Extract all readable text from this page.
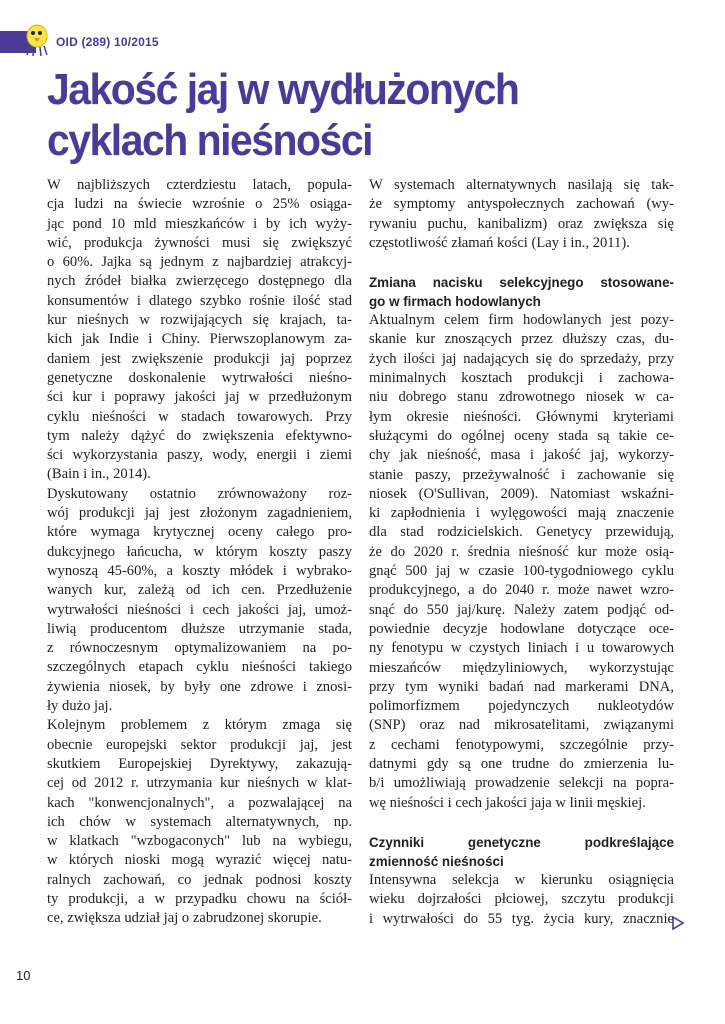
OID (289) 10/2015
Jakość jaj w wydłużonych
cyklach nieśności
W najbliższych czterdziestu latach, popula-
cja ludzi na świecie wzrośnie o 25% osiąga-
jąc pond 10 mld mieszkańców i by ich wyży-
wić, produkcja żywności musi się zwiększyć
o 60%. Jajka są jednym z najbardziej atrakcyj-
nych źródeł białka zwierzęcego dostępnego dla
konsumentów i dlatego szybko rośnie ilość stad
kur nieśnych w rozwijających się krajach, ta-
kich jak Indie i Chiny. Pierwszoplanowym za-
daniem jest zwiększenie produkcji jaj poprzez
genetyczne doskonalenie wytrwałości nieśno-
ści kur i poprawy jakości jaj w przedłużonym
cyklu nieśności w stadach towarowych. Przy
tym należy dążyć do zwiększenia efektywno-
ści wykorzystania paszy, wody, energii i ziemi
(Bain i in., 2014).
Dyskutowany ostatnio zrównoważony roz-
wój produkcji jaj jest złożonym zagadnieniem,
które wymaga krytycznej oceny całego pro-
dukcyjnego łańcucha, w którym koszty paszy
wynoszą 45-60%, a koszty młódek i wybrako-
wanych kur, zależą od ich cen. Przedłużenie
wytrwałości nieśności i cech jakości jaj, umoż-
liwią producentom dłuższe utrzymanie stada,
z równoczesnym optymalizowaniem na po-
szczególnych etapach cyklu nieśności takiego
żywienia niosek, by były one zdrowe i znosi-
ły dużo jaj.
Kolejnym problemem z którym zmaga się
obecnie europejski sektor produkcji jaj, jest
skutkiem Europejskiej Dyrektywy, zakazują-
cej od 2012 r. utrzymania kur nieśnych w klat-
kach "konwencjonalnych", a pozwalającej na
ich chów w systemach alternatywnych, np.
w klatkach "wzbogaconych" lub na wybiegu,
w których nioski mogą wyrazić więcej natu-
ralnych zachowań, co jednak podnosi koszty
ty produkcji, a w przypadku chowu na ściół-
ce, zwiększa udział jaj o zabrudzonej skorupie.
W systemach alternatywnych nasilają się tak-
że symptomy antyspołecznych zachowań (wy-
rywaniu puchu, kanibalizm) oraz zwiększa się
częstotliwość złamań kości (Lay i in., 2011).
Zmiana nacisku selekcyjnego stosowane-
go w firmach hodowlanych
Aktualnym celem firm hodowlanych jest pozy-
skanie kur znoszących przez dłuższy czas, du-
żych ilości jaj nadających się do sprzedaży, przy
minimalnych kosztach produkcji i zachowa-
niu dobrego stanu zdrowotnego niosek w ca-
łym okresie nieśności. Głównymi kryteriami
służącymi do ogólnej oceny stada są takie ce-
chy jak nieśność, masa i jakość jaj, wykorzy-
stanie paszy, przeżywalność i zachowanie się
niosek (O'Sullivan, 2009). Natomiast wskaźni-
ki zapłodnienia i wylęgowości mają znaczenie
dla stad rodzicielskich. Genetycy przewidują,
że do 2020 r. średnia nieśność kur może osią-
gnąć 500 jaj w czasie 100-tygodniowego cyklu
produkcyjnego, a do 2040 r. może nawet wzro-
snąć do 550 jaj/kurę. Należy zatem podjąć od-
powiednie decyzje hodowlane dotyczące oce-
ny fenotypu w czystych liniach i u towarowych
mieszańców międzyliniowych, wykorzystując
przy tym wyniki badań nad markerami DNA,
polimorfizmem pojedynczych nukleotydów
(SNP) oraz nad mikrosatelitami, związanymi
z cechami fenotypowymi, szczególnie przy-
datnymi gdy są one trudne do zmierzenia lu-
b/i umożliwiają prowadzenie selekcji na popra-
wę nieśności i cech jakości jaja w linii męskiej.
Czynniki genetyczne podkreślające
zmienność nieśności
Intensywna selekcja w kierunku osiągnięcia
wieku dojrzałości płciowej, szczytu produkcji
i wytrwałości do 55 tyg. życia kury, znacznie
10
